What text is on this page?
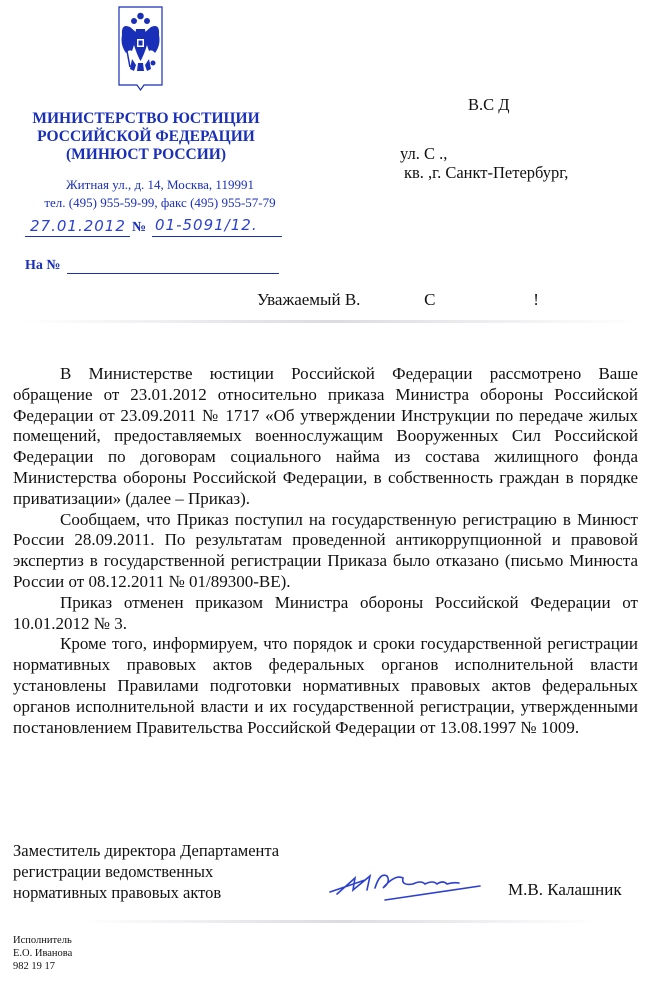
МИНИСТЕРСТВО ЮСТИЦИИ
РОССИЙСКОЙ ФЕДЕРАЦИИ
(МИНЮСТ РОССИИ)
Житная ул., д. 14, Москва, 119991
тел. (495) 955-59-99, факс (495) 955-57-79
27.01.2012 № 01-5091/12.
На №
В.С Д
ул. С .,
кв. ,г. Санкт-Петербург,
Уважаемый В.               С                       !

В Министерстве юстиции Российской Федерации рассмотрено Ваше обращение от 23.01.2012 относительно приказа Министра обороны Российской Федерации от 23.09.2011 № 1717 «Об утверждении Инструкции по передаче жилых помещений, предоставляемых военнослужащим Вооруженных Сил Российской Федерации по договорам социального найма из состава жилищного фонда Министерства обороны Российской Федерации, в собственность граждан в порядке приватизации» (далее – Приказ).

Сообщаем, что Приказ поступил на государственную регистрацию в Минюст России 28.09.2011. По результатам проведенной антикоррупционной и правовой экспертиз в государственной регистрации Приказа было отказано (письмо Минюста России от 08.12.2011 № 01/89300-ВЕ).

Приказ отменен приказом Министра обороны Российской Федерации от 10.01.2012 № 3.

Кроме того, информируем, что порядок и сроки государственной регистрации нормативных правовых актов федеральных органов исполнительной власти установлены Правилами подготовки нормативных правовых актов федеральных органов исполнительной власти и их государственной регистрации, утвержденными постановлением Правительства Российской Федерации от 13.08.1997 № 1009.

Заместитель директора Департамента
регистрации ведомственных
нормативных правовых актов	М.В. Калашник
Исполнитель
Е.О. Иванова
982 19 17
